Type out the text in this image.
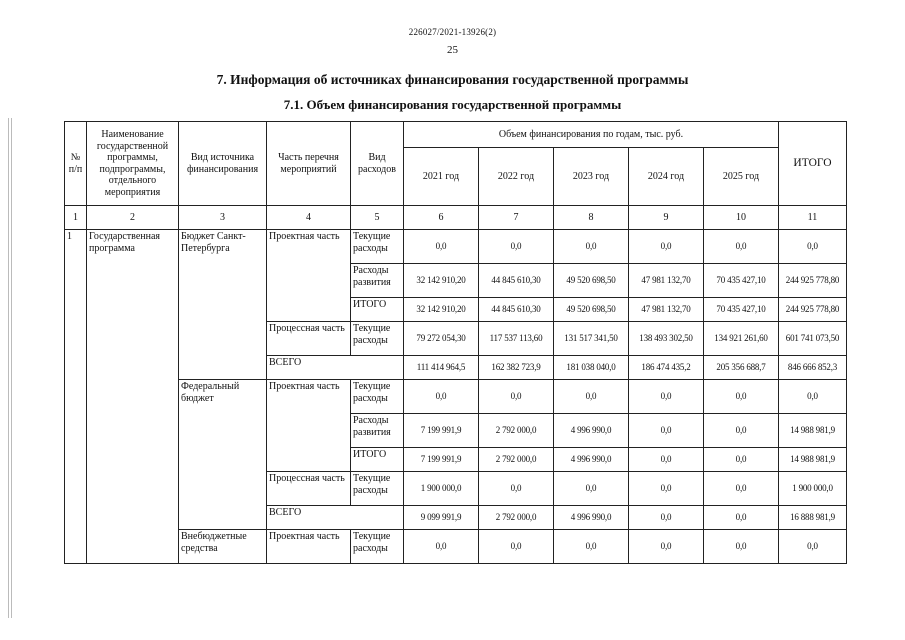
226027/2021-13926(2)
25
7. Информация об источниках финансирования государственной программы
7.1. Объем финансирования государственной программы
№ п/п	Наименование государственной программы, подпрограммы, отдельного мероприятия	Вид источника финансирования	Часть перечня мероприятий	Вид расходов	Объем финансирования по годам, тыс. руб.					ИТОГО
					2021 год	2022 год	2023 год	2024 год	2025 год	
1	2	3	4	5	6	7	8	9	10	11
1	Государственная программа	Бюджет Санкт-Петербурга	Проектная часть	Текущие расходы	0,0	0,0	0,0	0,0	0,0	0,0
				Расходы развития	32 142 910,20	44 845 610,30	49 520 698,50	47 981 132,70	70 435 427,10	244 925 778,80
				ИТОГО	32 142 910,20	44 845 610,30	49 520 698,50	47 981 132,70	70 435 427,10	244 925 778,80
			Процессная часть	Текущие расходы	79 272 054,30	117 537 113,60	131 517 341,50	138 493 302,50	134 921 261,60	601 741 073,50
			ВСЕГО		111 414 964,5	162 382 723,9	181 038 040,0	186 474 435,2	205 356 688,7	846 666 852,3
		Федеральный бюджет	Проектная часть	Текущие расходы	0,0	0,0	0,0	0,0	0,0	0,0
				Расходы развития	7 199 991,9	2 792 000,0	4 996 990,0	0,0	0,0	14 988 981,9
				ИТОГО	7 199 991,9	2 792 000,0	4 996 990,0	0,0	0,0	14 988 981,9
			Процессная часть	Текущие расходы	1 900 000,0	0,0	0,0	0,0	0,0	1 900 000,0
			ВСЕГО		9 099 991,9	2 792 000,0	4 996 990,0	0,0	0,0	16 888 981,9
		Внебюджетные средства	Проектная часть	Текущие расходы	0,0	0,0	0,0	0,0	0,0	0,0
